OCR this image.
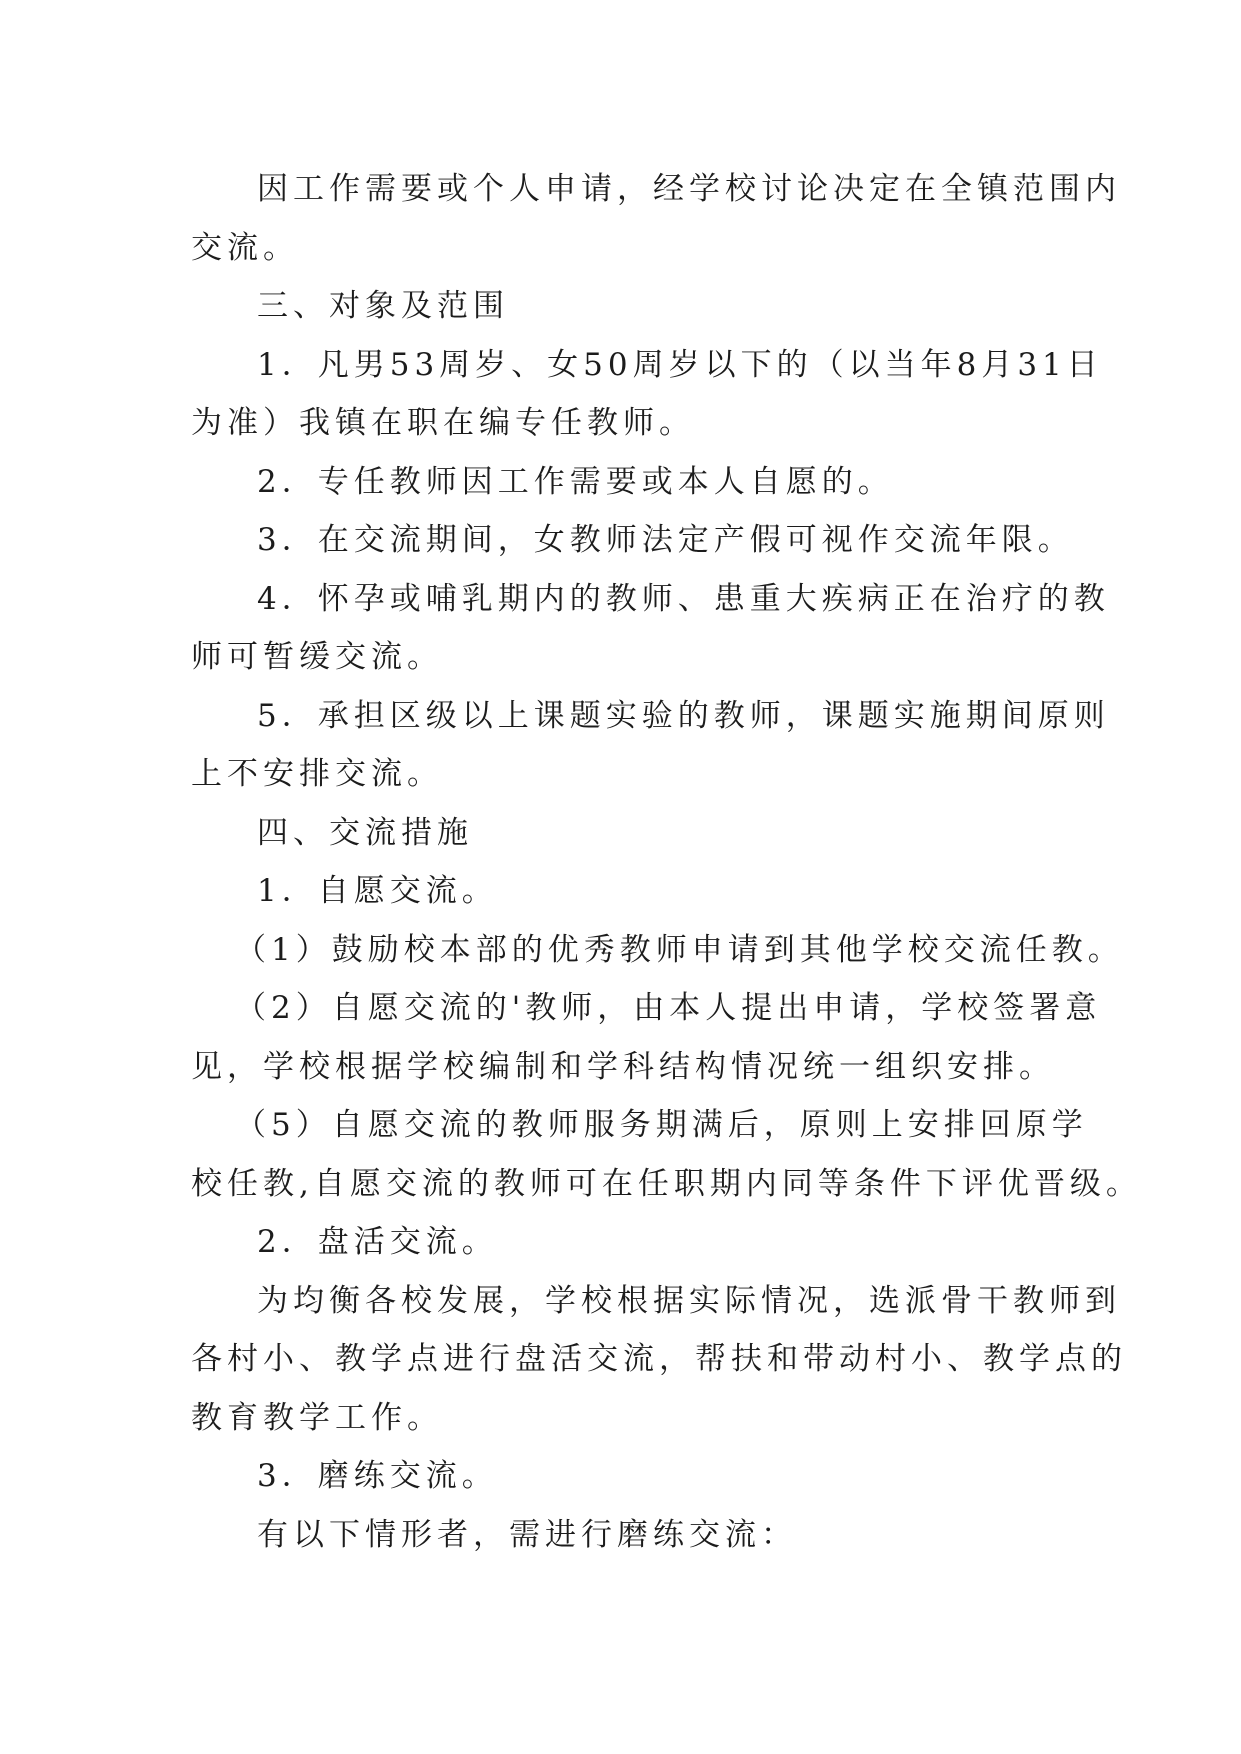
因工作需要或个人申请，经学校讨论决定在全镇范围内
交流。

三、对象及范围

1．凡男53周岁、女50周岁以下的（以当年8月31日
为准）我镇在职在编专任教师。

2．专任教师因工作需要或本人自愿的。

3．在交流期间，女教师法定产假可视作交流年限。

4．怀孕或哺乳期内的教师、患重大疾病正在治疗的教
师可暂缓交流。

5．承担区级以上课题实验的教师，课题实施期间原则
上不安排交流。

四、交流措施

1．自愿交流。

（1）鼓励校本部的优秀教师申请到其他学校交流任教。

（2）自愿交流的'教师，由本人提出申请，学校签署意
见，学校根据学校编制和学科结构情况统一组织安排。

（5）自愿交流的教师服务期满后，原则上安排回原学
校任教,自愿交流的教师可在任职期内同等条件下评优晋级。

2．盘活交流。

为均衡各校发展，学校根据实际情况，选派骨干教师到
各村小、教学点进行盘活交流，帮扶和带动村小、教学点的
教育教学工作。

3．磨练交流。

有以下情形者，需进行磨练交流：
